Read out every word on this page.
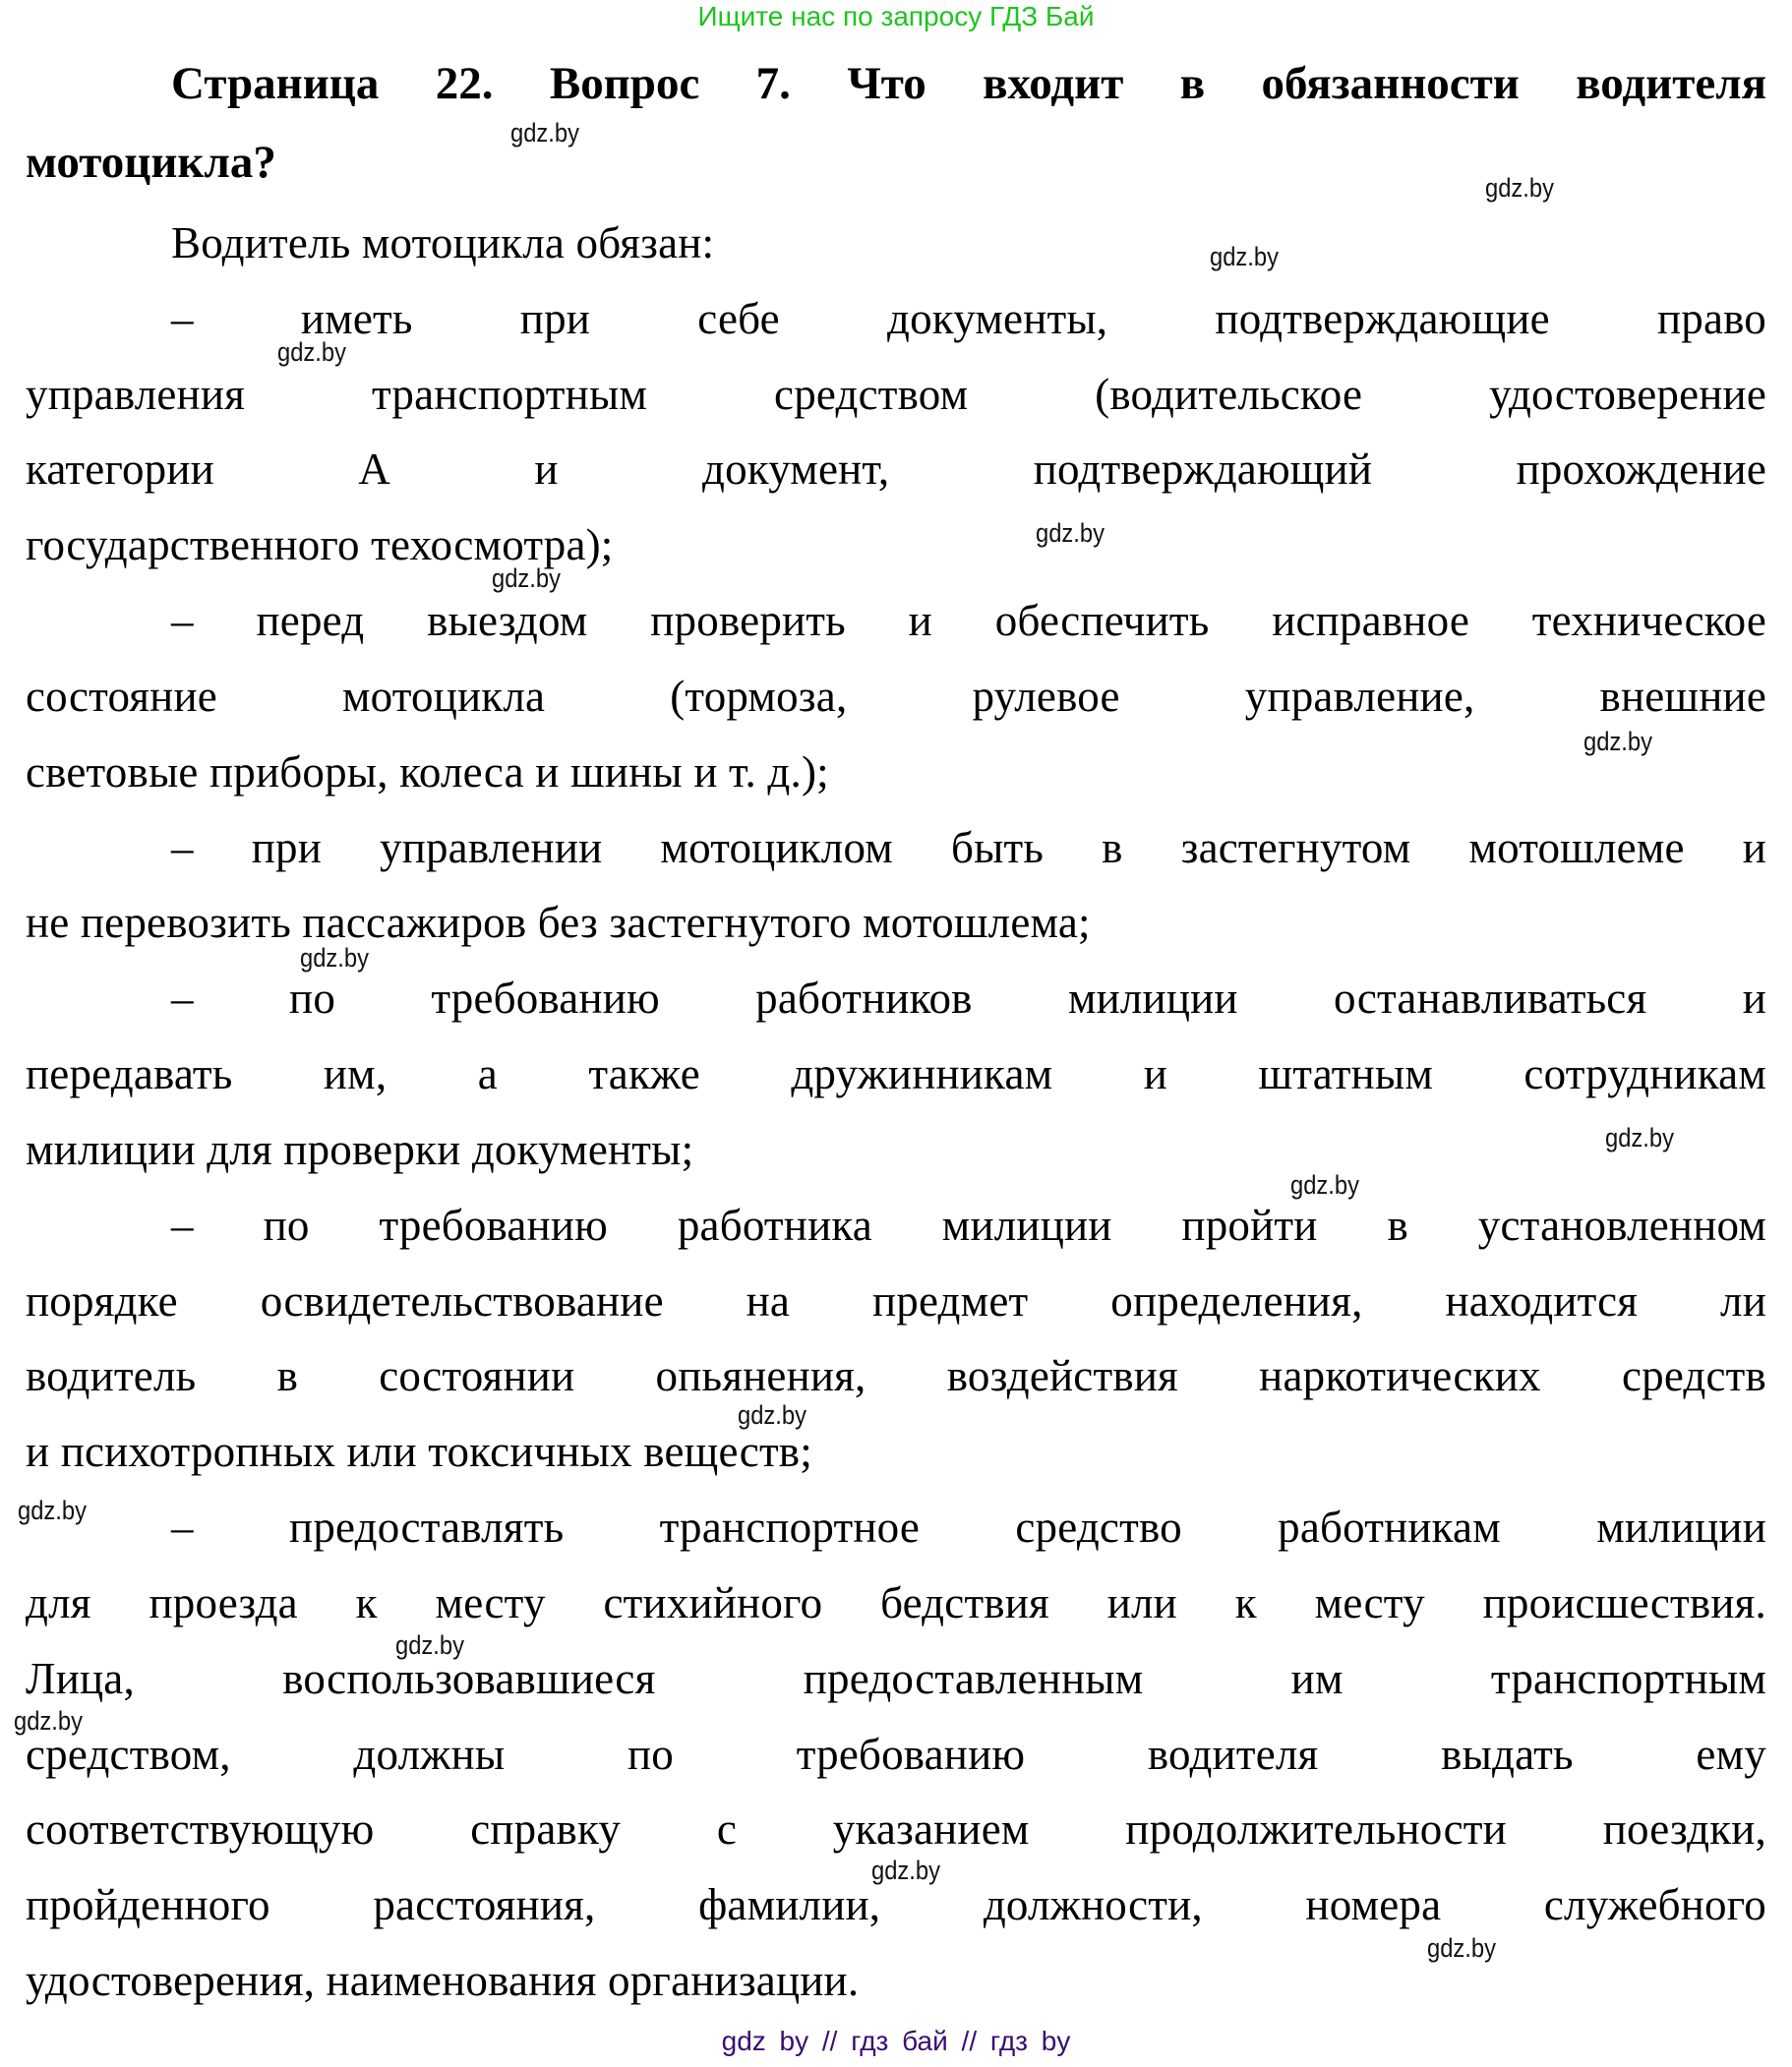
Ищите нас по запросу ГДЗ Бай
Страница 22. Вопрос 7. Что входит в обязанности водителя
мотоцикла?
Водитель мотоцикла обязан:
– иметь при себе документы, подтверждающие право
управления транспортным средством (водительское удостоверение
категории А и документ, подтверждающий прохождение
государственного техосмотра);
– перед выездом проверить и обеспечить исправное техническое
состояние мотоцикла (тормоза, рулевое управление, внешние
световые приборы, колеса и шины и т. д.);
– при управлении мотоциклом быть в застегнутом мотошлеме и
не перевозить пассажиров без застегнутого мотошлема;
– по требованию работников милиции останавливаться и
передавать им, а также дружинникам и штатным сотрудникам
милиции для проверки документы;
– по требованию работника милиции пройти в установленном
порядке освидетельствование на предмет определения, находится ли
водитель в состоянии опьянения, воздействия наркотических средств
и психотропных или токсичных веществ;
– предоставлять транспортное средство работникам милиции
для проезда к месту стихийного бедствия или к месту происшествия.
Лица, воспользовавшиеся предоставленным им транспортным
средством, должны по требованию водителя выдать ему
соответствующую справку с указанием продолжительности поездки,
пройденного расстояния, фамилии, должности, номера служебного
удостоверения, наименования организации.
gdz.by
gdz.by
gdz.by
gdz.by
gdz.by
gdz.by
gdz.by
gdz.by
gdz.by
gdz.by
gdz.by
gdz.by
gdz.by
gdz.by
gdz.by
gdz.by
gdz by // гдз бай // гдз by
